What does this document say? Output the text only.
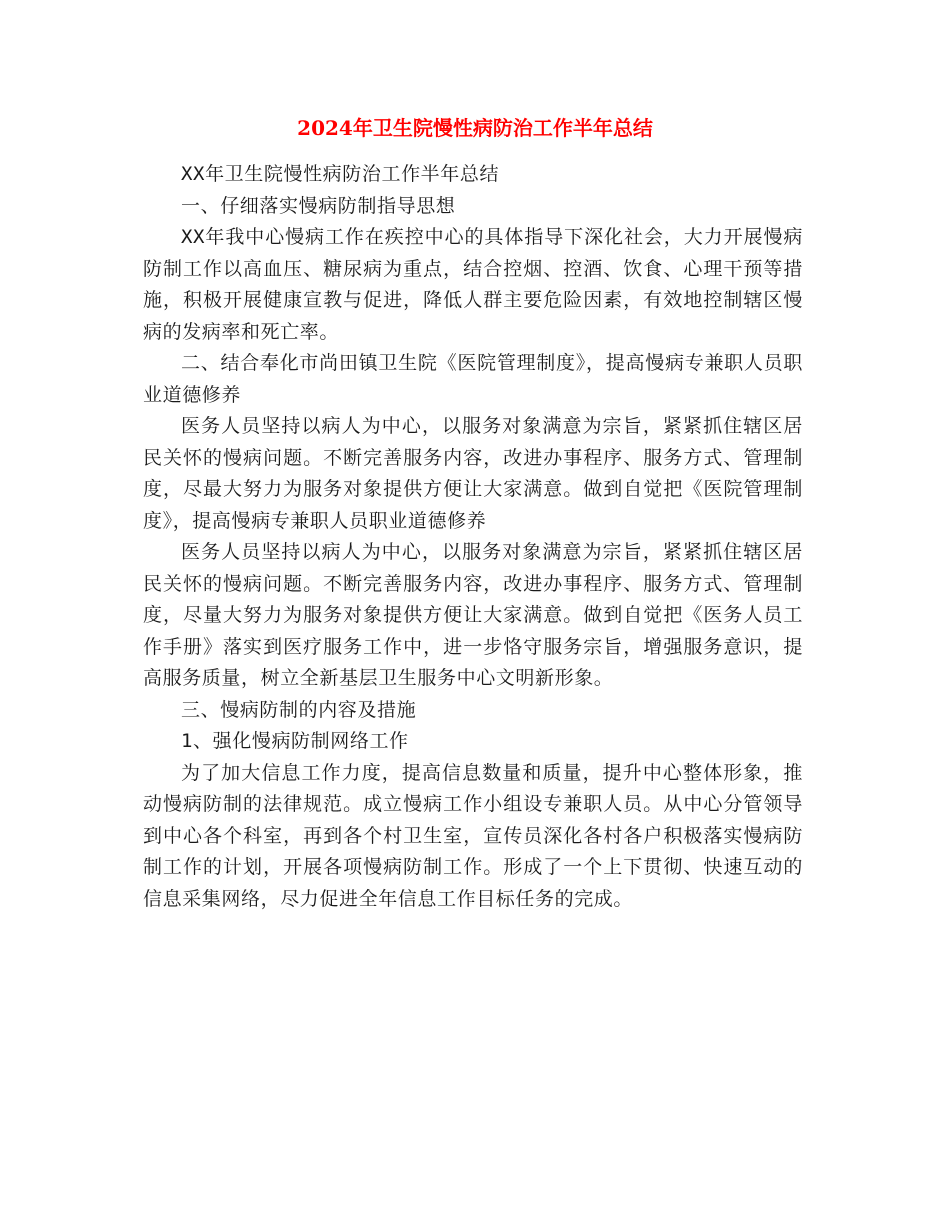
2024年卫生院慢性病防治工作半年总结

XX年卫生院慢性病防治工作半年总结

一、仔细落实慢病防制指导思想

XX年我中心慢病工作在疾控中心的具体指导下深化社会，大力开展慢病防制工作以高血压、糖尿病为重点，结合控烟、控酒、饮食、心理干预等措施，积极开展健康宣教与促进，降低人群主要危险因素，有效地控制辖区慢病的发病率和死亡率。

二、结合奉化市尚田镇卫生院《医院管理制度》，提高慢病专兼职人员职业道德修养

医务人员坚持以病人为中心，以服务对象满意为宗旨，紧紧抓住辖区居民关怀的慢病问题。不断完善服务内容，改进办事程序、服务方式、管理制度，尽最大努力为服务对象提供方便让大家满意。做到自觉把《医院管理制度》，提高慢病专兼职人员职业道德修养

医务人员坚持以病人为中心，以服务对象满意为宗旨，紧紧抓住辖区居民关怀的慢病问题。不断完善服务内容，改进办事程序、服务方式、管理制度，尽量大努力为服务对象提供方便让大家满意。做到自觉把《医务人员工作手册》落实到医疗服务工作中，进一步恪守服务宗旨，增强服务意识，提高服务质量，树立全新基层卫生服务中心文明新形象。

三、慢病防制的内容及措施

1、强化慢病防制网络工作

为了加大信息工作力度，提高信息数量和质量，提升中心整体形象，推动慢病防制的法律规范。成立慢病工作小组设专兼职人员。从中心分管领导到中心各个科室，再到各个村卫生室，宣传员深化各村各户积极落实慢病防制工作的计划，开展各项慢病防制工作。形成了一个上下贯彻、快速互动的信息采集网络，尽力促进全年信息工作目标任务的完成。
